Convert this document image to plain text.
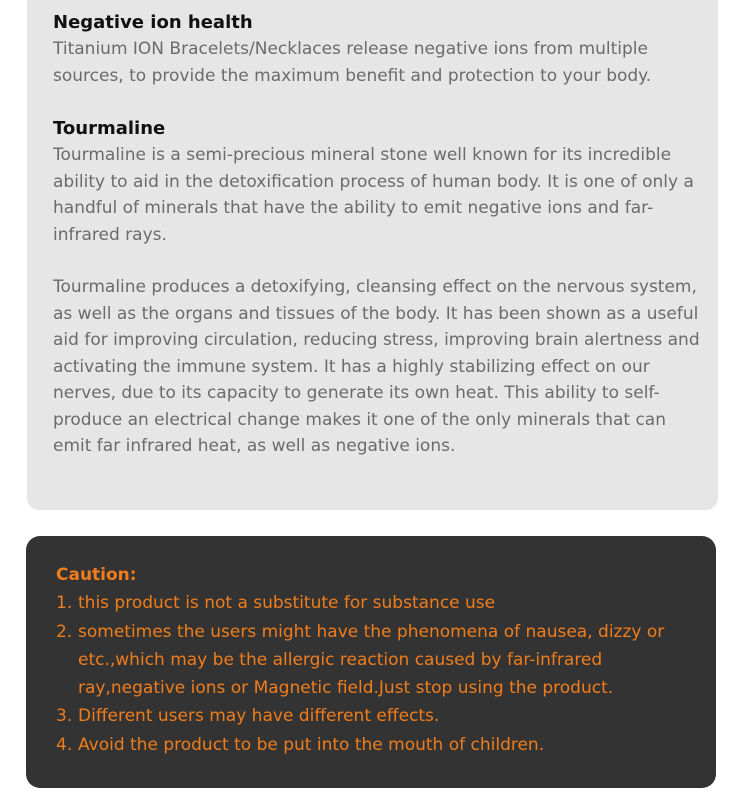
Negative ion health

Titanium ION Bracelets/Necklaces release negative ions from multiple sources, to provide the maximum benefit and protection to your body.

Tourmaline

Tourmaline is a semi-precious mineral stone well known for its incredible ability to aid in the detoxification process of human body. It is one of only a handful of minerals that have the ability to emit negative ions and far-infrared rays.

Tourmaline produces a detoxifying, cleansing effect on the nervous system, as well as the organs and tissues of the body. It has been shown as a useful aid for improving circulation, reducing stress, improving brain alertness and activating the immune system. It has a highly stabilizing effect on our nerves, due to its capacity to generate its own heat. This ability to self-produce an electrical change makes it one of the only minerals that can emit far infrared heat, as well as negative ions.

Caution:

1. this product is not a substitute for substance use
2. sometimes the users might have the phenomena of nausea, dizzy or etc.,which may be the allergic reaction caused by far-infrared ray,negative ions or Magnetic field.Just stop using the product.
3. Different users may have different effects.
4. Avoid the product to be put into the mouth of children.
